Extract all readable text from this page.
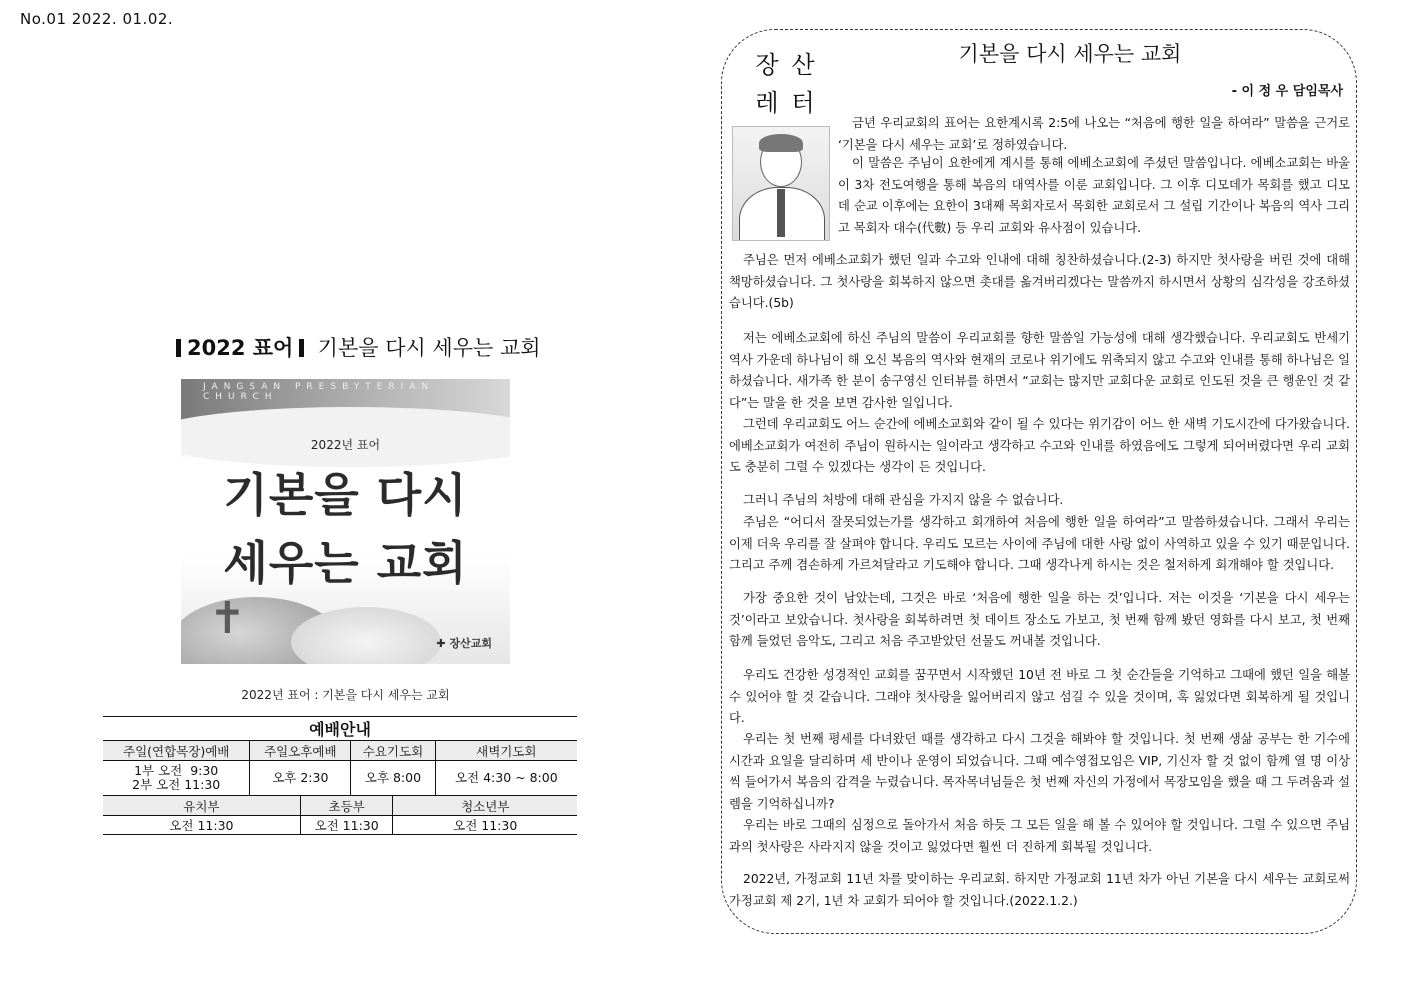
No.01 2022. 01.02.
2022 표어 기본을 다시 세우는 교회
JANGSAN PRESBYTERIAN CHURCH
2022년 표어
기본을 다시
세우는 교회
✝	✚ 장산교회
2022년 표어 : 기본을 다시 세우는 교회
예배안내					
주일(연합목장)예배	주일오후예배		수요기도회		새벽기도회

1부 오전  9:30
2부 오전 11:30	오후 2:30		오후 8:00		오전 4:30 ~ 8:00
유치부		초등부		청소년부	
오전 11:30		오전 11:30		오전 11:30	
장 산
레 터
기본을 다시 세우는 교회
- 이 정 우 담임목사

금년 우리교회의 표어는 요한계시록 2:5에 나오는 “처음에 행한 일을 하여라” 말씀을 근거로 ‘기본을 다시 세우는 교회’로 정하였습니다.

이 말씀은 주님이 요한에게 계시를 통해 에베소교회에 주셨던 말씀입니다. 에베소교회는 바울이 3차 전도여행을 통해 복음의 대역사를 이룬 교회입니다. 그 이후 디모데가 목회를 했고 디모데 순교 이후에는 요한이 3대째 목회자로서 목회한 교회로서 그 설립 기간이나 복음의 역사 그리고 목회자 대수(代數) 등 우리 교회와 유사점이 있습니다.

주님은 먼저 에베소교회가 했던 일과 수고와 인내에 대해 칭찬하셨습니다.(2-3) 하지만 첫사랑을 버린 것에 대해 책망하셨습니다. 그 첫사랑을 회복하지 않으면 촛대를 옮겨버리겠다는 말씀까지 하시면서 상황의 심각성을 강조하셨습니다.(5b)

저는 에베소교회에 하신 주님의 말씀이 우리교회를 향한 말씀일 가능성에 대해 생각했습니다. 우리교회도 반세기 역사 가운데 하나님이 해 오신 복음의 역사와 현재의 코로나 위기에도 위축되지 않고 수고와 인내를 통해 하나님은 일하셨습니다. 새가족 한 분이 송구영신 인터뷰를 하면서 “교회는 많지만 교회다운 교회로 인도된 것을 큰 행운인 것 같다”는 말을 한 것을 보면 감사한 일입니다.

그런데 우리교회도 어느 순간에 에베소교회와 같이 될 수 있다는 위기감이 어느 한 새벽 기도시간에 다가왔습니다. 에베소교회가 여전히 주님이 원하시는 일이라고 생각하고 수고와 인내를 하였음에도 그렇게 되어버렸다면 우리 교회도 충분히 그럴 수 있겠다는 생각이 든 것입니다.

그러니 주님의 처방에 대해 관심을 가지지 않을 수 없습니다.

주님은 “어디서 잘못되었는가를 생각하고 회개하여 처음에 행한 일을 하여라”고 말씀하셨습니다. 그래서 우리는 이제 더욱 우리를 잘 살펴야 합니다. 우리도 모르는 사이에 주님에 대한 사랑 없이 사역하고 있을 수 있기 때문입니다. 그리고 주께 겸손하게 가르쳐달라고 기도해야 합니다. 그때 생각나게 하시는 것은 철저하게 회개해야 할 것입니다.

가장 중요한 것이 남았는데, 그것은 바로 ‘처음에 행한 일을 하는 것’입니다. 저는 이것을 ‘기본을 다시 세우는 것’이라고 보았습니다. 첫사랑을 회복하려면 첫 데이트 장소도 가보고, 첫 번째 함께 봤던 영화를 다시 보고, 첫 번째 함께 들었던 음악도, 그리고 처음 주고받았던 선물도 꺼내볼 것입니다.

우리도 건강한 성경적인 교회를 꿈꾸면서 시작했던 10년 전 바로 그 첫 순간들을 기억하고 그때에 했던 일을 해볼 수 있어야 할 것 같습니다. 그래야 첫사랑을 잃어버리지 않고 섬길 수 있을 것이며, 혹 잃었다면 회복하게 될 것입니다.

우리는 첫 번째 평세를 다녀왔던 때를 생각하고 다시 그것을 해봐야 할 것입니다. 첫 번째 생삶 공부는 한 기수에 시간과 요일을 달리하며 세 반이나 운영이 되었습니다. 그때 예수영접모임은 VIP, 기신자 할 것 없이 함께 열 명 이상씩 들어가서 복음의 감격을 누렸습니다. 목자목녀님들은 첫 번째 자신의 가정에서 목장모임을 했을 때 그 두려움과 설렘을 기억하십니까?

우리는 바로 그때의 심정으로 돌아가서 처음 하듯 그 모든 일을 해 볼 수 있어야 할 것입니다. 그럴 수 있으면 주님과의 첫사랑은 사라지지 않을 것이고 잃었다면 훨씬 더 진하게 회복될 것입니다.

2022년, 가정교회 11년 차를 맞이하는 우리교회. 하지만 가정교회 11년 차가 아닌 기본을 다시 세우는 교회로써 가정교회 제 2기, 1년 차 교회가 되어야 할 것입니다.(2022.1.2.)
